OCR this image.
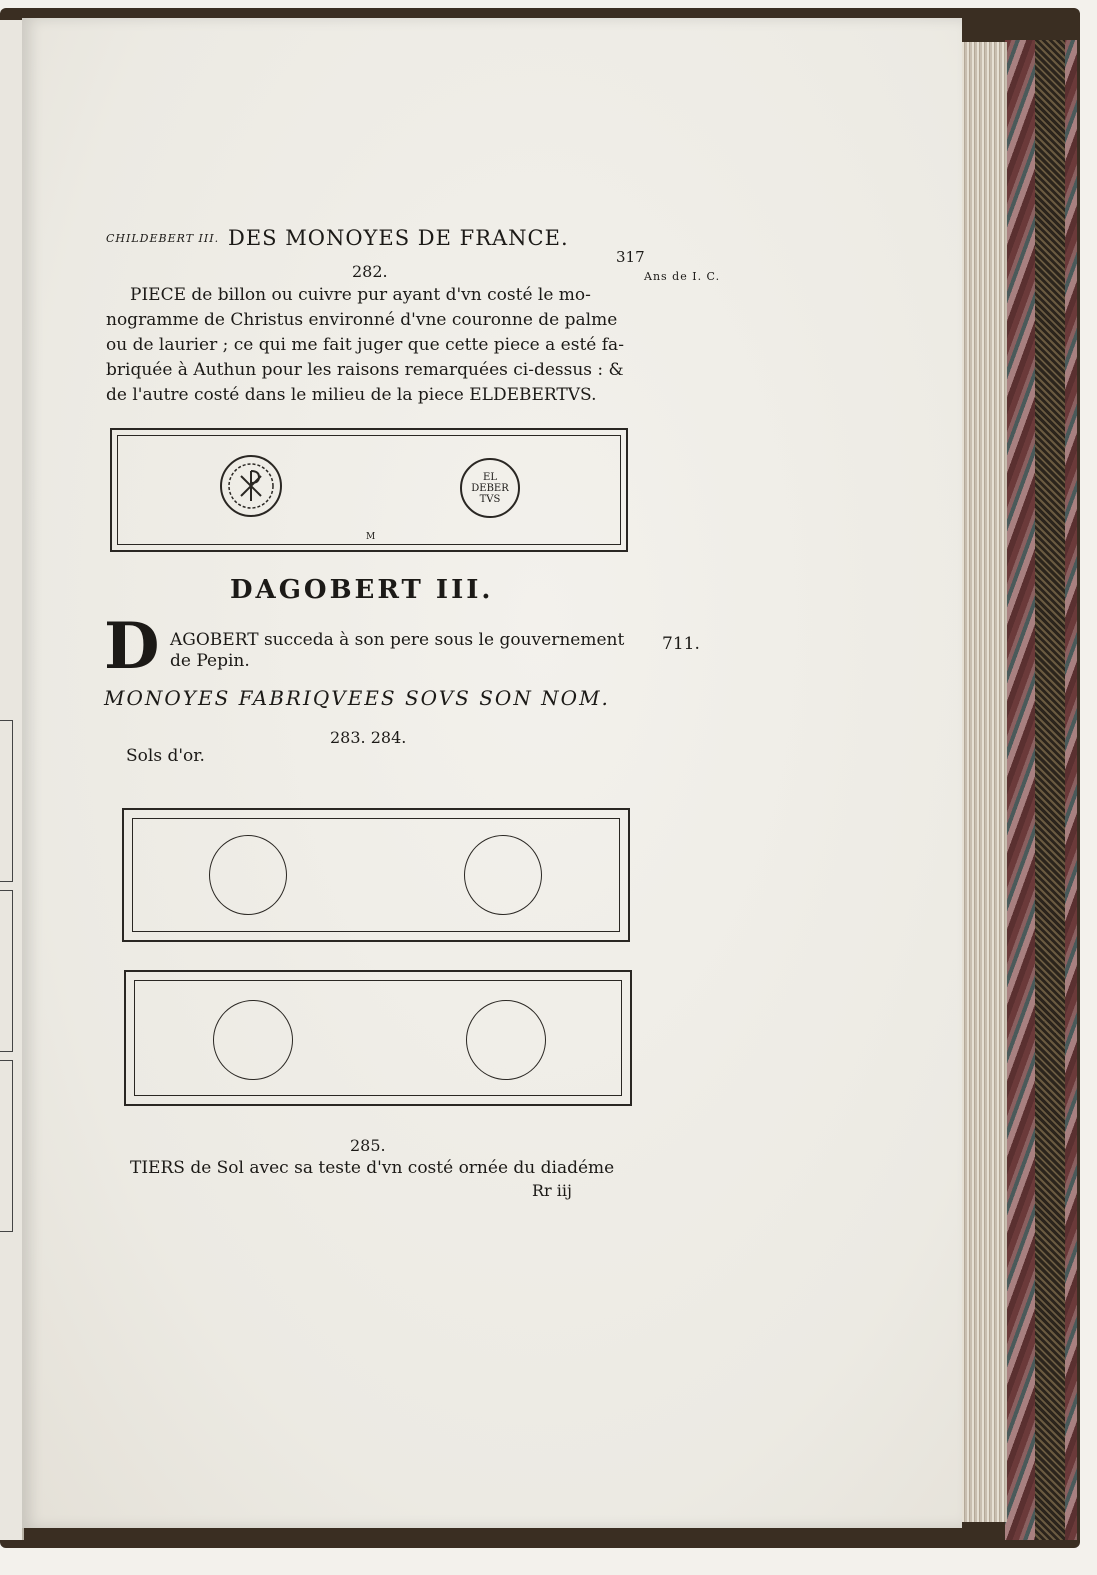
CHILDEBERT III. DES MONOYES DE FRANCE.
317
Ans de I. C.
282.
PIECE de billon ou cuivre pur ayant d'vn costé le mo-
nogramme de Christus environné d'vne couronne de palme
ou de laurier ; ce qui me fait juger que cette piece a esté fa-
briquée à Authun pour les raisons remarquées ci-dessus : &
de l'autre costé dans le milieu de la piece ELDEBERTVS.
EL
DEBER
TVS
M
DAGOBERT III.
D AGOBERT succeda à son pere sous le gouvernement
de Pepin.
711.
MONOYES FABRIQVEES SOVS SON NOM.
283. 284.
Sols d'or.
285.
TIERS de Sol avec sa teste d'vn costé ornée du diadéme
Rr iij
